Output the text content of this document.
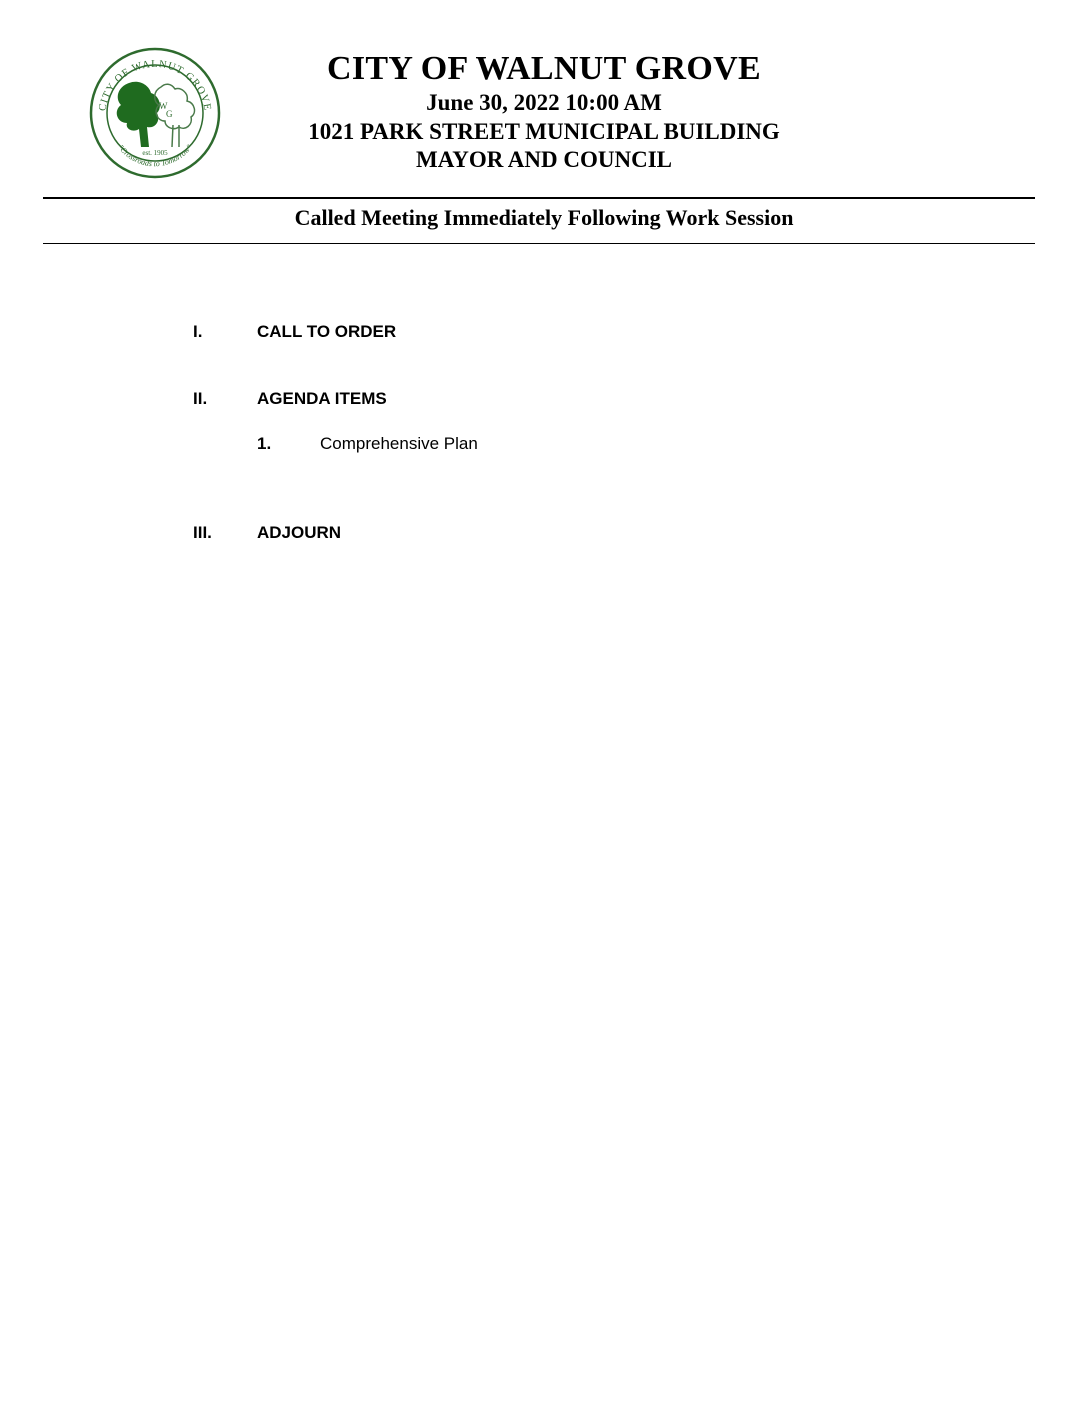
CITY OF WALNUT GROVE
"Crossroads to Tomorrow"
W
G
est. 1905
CITY OF WALNUT GROVE
June 30, 2022 10:00 AM
1021 PARK STREET MUNICIPAL BUILDING
MAYOR AND COUNCIL
Called Meeting Immediately Following Work Session
I.	CALL TO ORDER
II.	AGENDA ITEMS
1.	Comprehensive Plan
III.	ADJOURN
